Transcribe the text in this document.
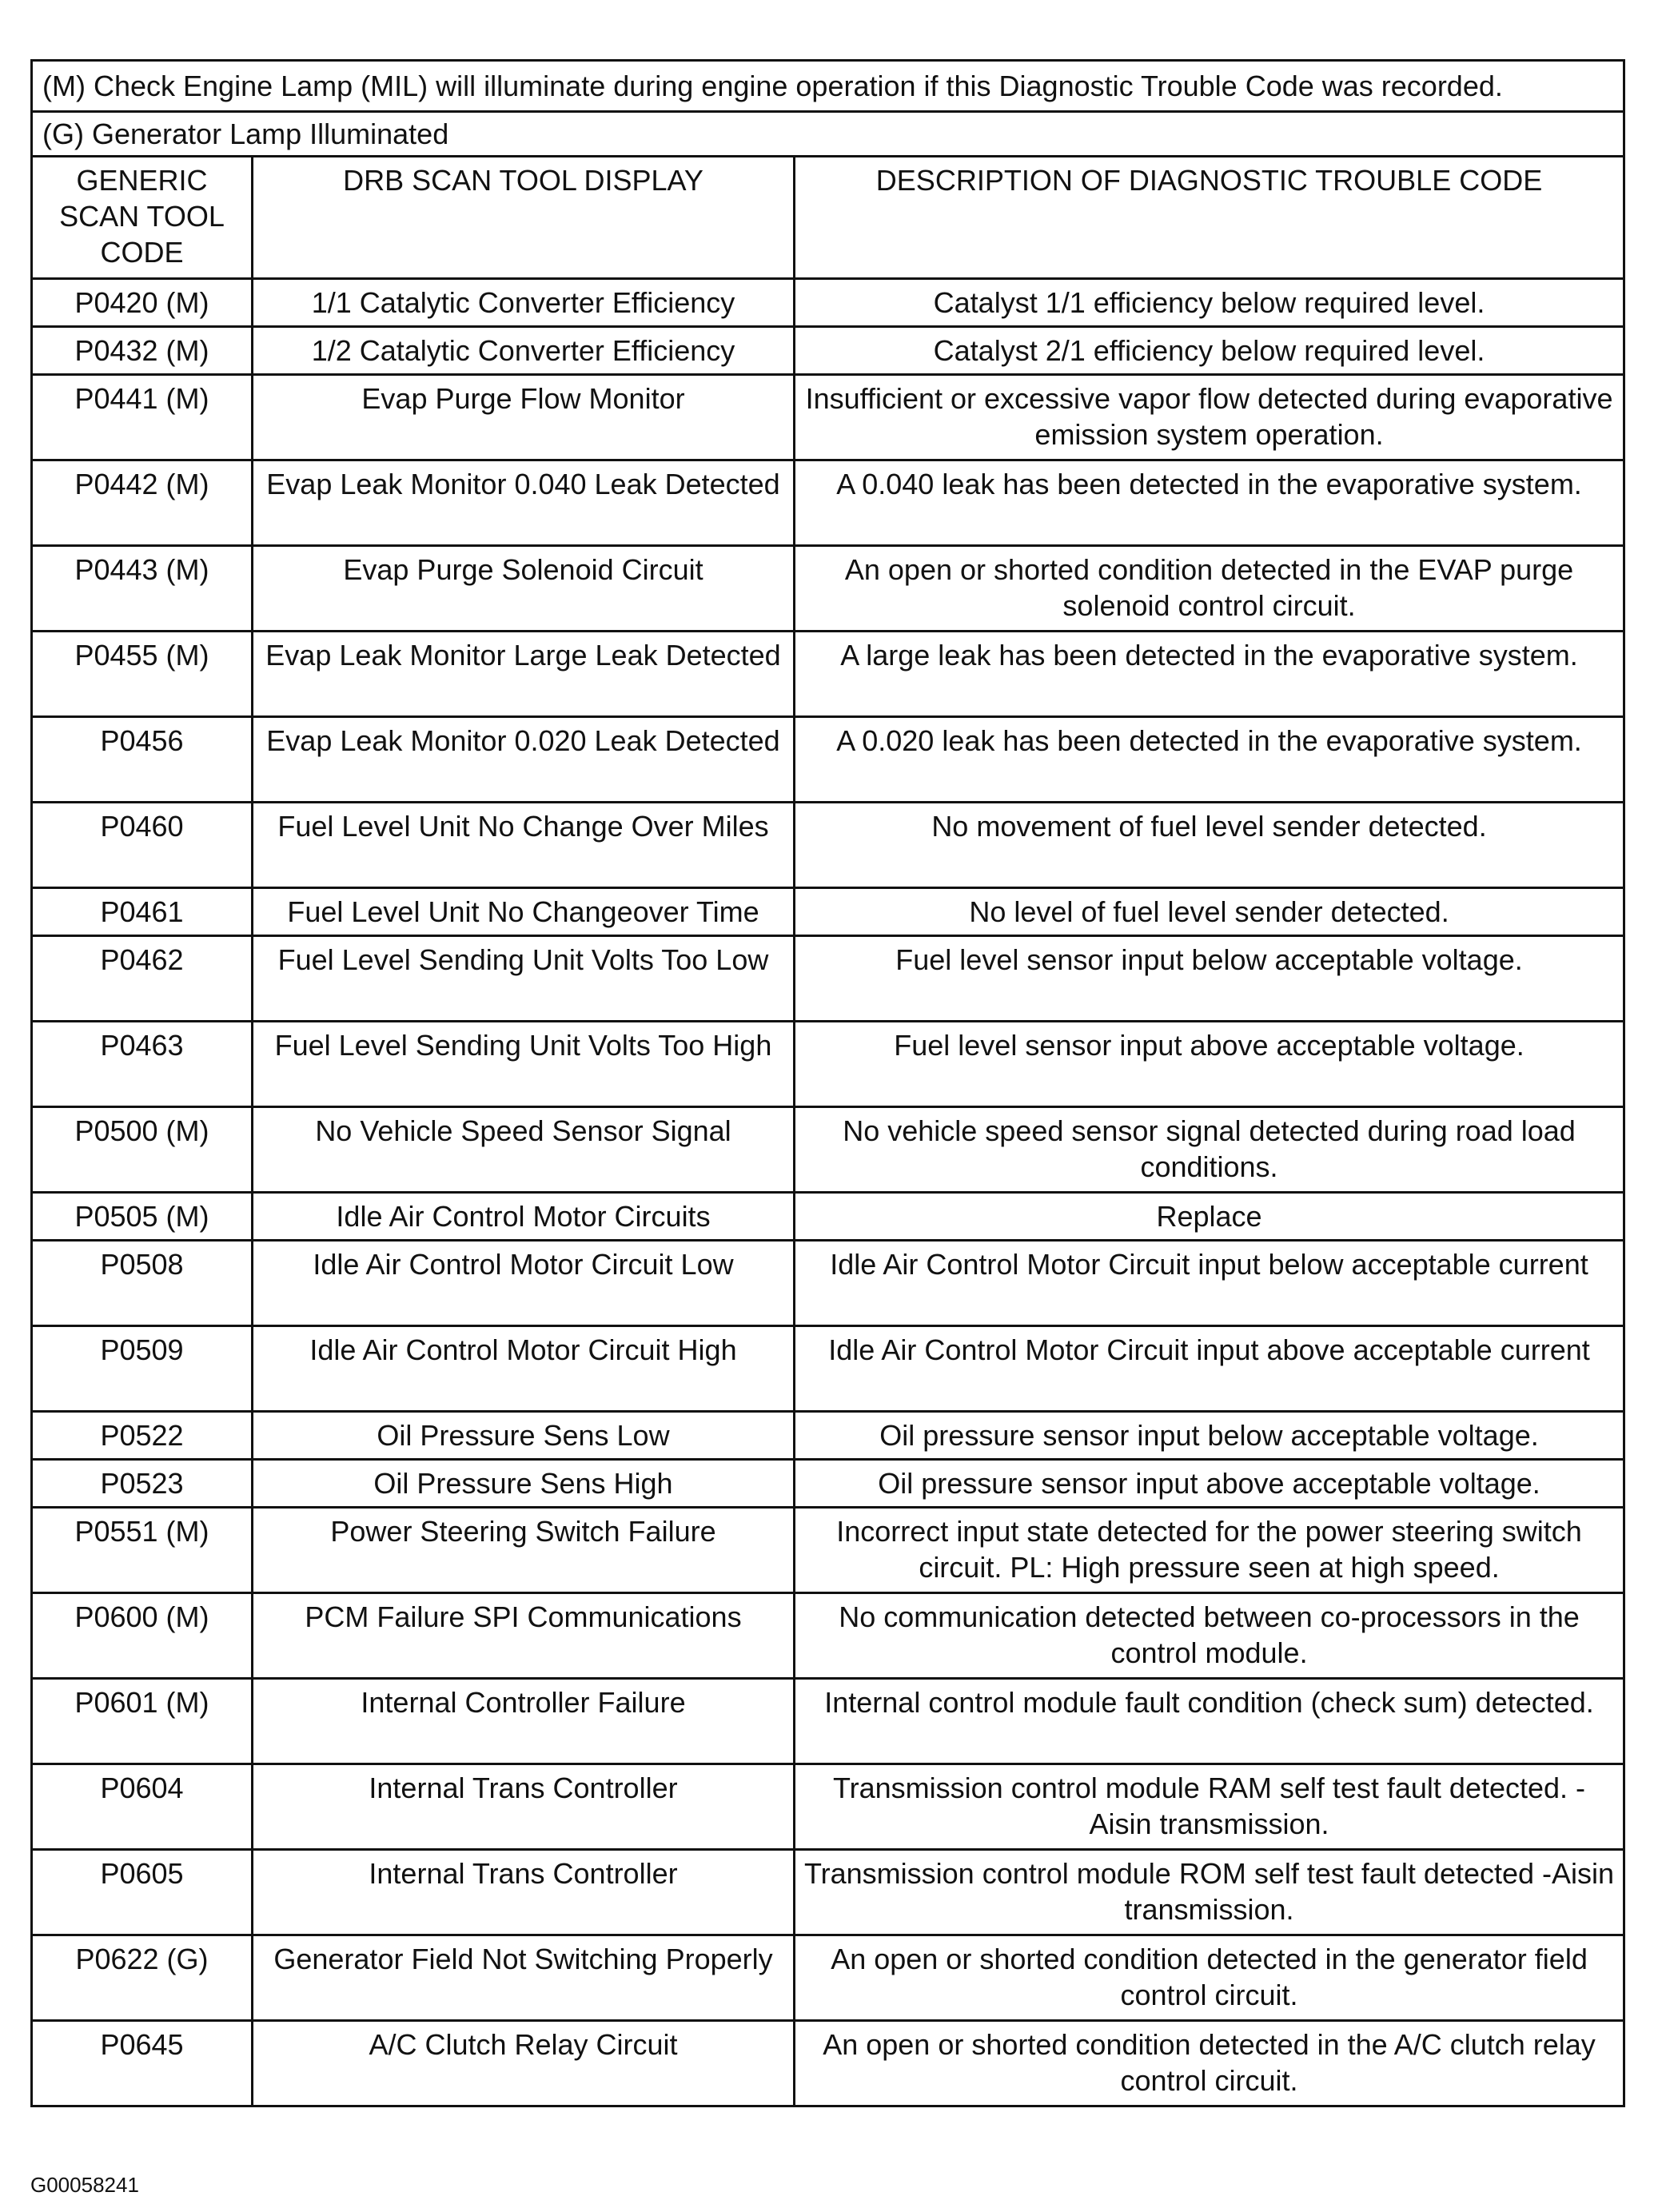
(M) Check Engine Lamp (MIL) will illuminate during engine operation if this Diagnostic Trouble Code was recorded.		
(G) Generator Lamp Illuminated		
GENERIC SCAN TOOL CODE	DRB SCAN TOOL DISPLAY	DESCRIPTION OF DIAGNOSTIC TROUBLE CODE
P0420 (M)	1/1 Catalytic Converter Efficiency	Catalyst 1/1 efficiency below required level.
P0432 (M)	1/2 Catalytic Converter Efficiency	Catalyst 2/1 efficiency below required level.
P0441 (M)	Evap Purge Flow Monitor	Insufficient or excessive vapor flow detected during evaporative emission system operation.
P0442 (M)	Evap Leak Monitor 0.040 Leak Detected	A 0.040 leak has been detected in the evaporative system.
P0443 (M)	Evap Purge Solenoid Circuit	An open or shorted condition detected in the EVAP purge solenoid control circuit.
P0455 (M)	Evap Leak Monitor Large Leak Detected	A large leak has been detected in the evaporative system.
P0456	Evap Leak Monitor 0.020 Leak Detected	A 0.020 leak has been detected in the evaporative system.
P0460	Fuel Level Unit No Change Over Miles	No movement of fuel level sender detected.
P0461	Fuel Level Unit No Changeover Time	No level of fuel level sender detected.
P0462	Fuel Level Sending Unit Volts Too Low	Fuel level sensor input below acceptable voltage.
P0463	Fuel Level Sending Unit Volts Too High	Fuel level sensor input above acceptable voltage.
P0500 (M)	No Vehicle Speed Sensor Signal	No vehicle speed sensor signal detected during road load conditions.
P0505 (M)	Idle Air Control Motor Circuits	Replace
P0508	Idle Air Control Motor Circuit Low	Idle Air Control Motor Circuit input below acceptable current
P0509	Idle Air Control Motor Circuit High	Idle Air Control Motor Circuit input above acceptable current
P0522	Oil Pressure Sens Low	Oil pressure sensor input below acceptable voltage.
P0523	Oil Pressure Sens High	Oil pressure sensor input above acceptable voltage.
P0551 (M)	Power Steering Switch Failure	Incorrect input state detected for the power steering switch circuit. PL: High pressure seen at high speed.
P0600 (M)	PCM Failure SPI Communications	No communication detected between co-processors in the control module.
P0601 (M)	Internal Controller Failure	Internal control module fault condition (check sum) detected.
P0604	Internal Trans Controller	Transmission control module RAM self test fault detected. -Aisin transmission.
P0605	Internal Trans Controller	Transmission control module ROM self test fault detected -Aisin transmission.
P0622 (G)	Generator Field Not Switching Properly	An open or shorted condition detected in the generator field control circuit.
P0645	A/C Clutch Relay Circuit	An open or shorted condition detected in the A/C clutch relay control circuit.
G00058241
